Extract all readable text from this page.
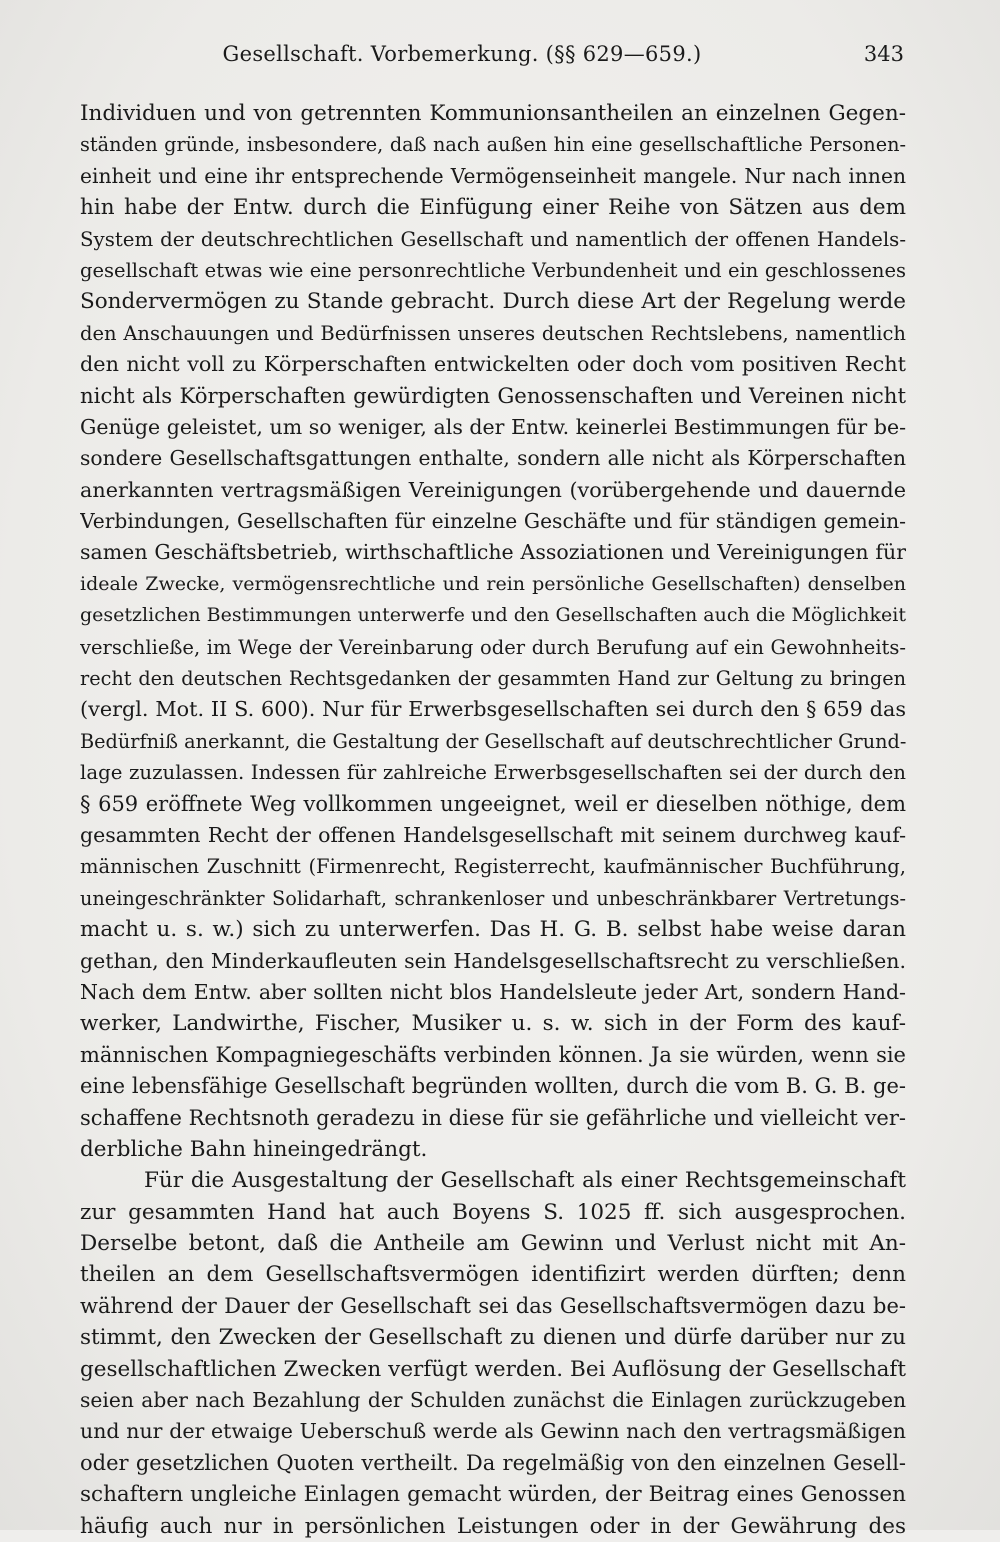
Gesellschaft. Vorbemerkung. (§§ 629—659.)	343
Individuen und von getrennten Kommunionsantheilen an einzelnen Gegen-
ständen gründe, insbesondere, daß nach außen hin eine gesellschaftliche Personen-
einheit und eine ihr entsprechende Vermögenseinheit mangele. Nur nach innen
hin habe der Entw. durch die Einfügung einer Reihe von Sätzen aus dem
System der deutschrechtlichen Gesellschaft und namentlich der offenen Handels-
gesellschaft etwas wie eine personrechtliche Verbundenheit und ein geschlossenes
Sondervermögen zu Stande gebracht. Durch diese Art der Regelung werde
den Anschauungen und Bedürfnissen unseres deutschen Rechtslebens, namentlich
den nicht voll zu Körperschaften entwickelten oder doch vom positiven Recht
nicht als Körperschaften gewürdigten Genossenschaften und Vereinen nicht
Genüge geleistet, um so weniger, als der Entw. keinerlei Bestimmungen für be-
sondere Gesellschaftsgattungen enthalte, sondern alle nicht als Körperschaften
anerkannten vertragsmäßigen Vereinigungen (vorübergehende und dauernde
Verbindungen, Gesellschaften für einzelne Geschäfte und für ständigen gemein-
samen Geschäftsbetrieb, wirthschaftliche Assoziationen und Vereinigungen für
ideale Zwecke, vermögensrechtliche und rein persönliche Gesellschaften) denselben
gesetzlichen Bestimmungen unterwerfe und den Gesellschaften auch die Möglichkeit
verschließe, im Wege der Vereinbarung oder durch Berufung auf ein Gewohnheits-
recht den deutschen Rechtsgedanken der gesammten Hand zur Geltung zu bringen
(vergl. Mot. II S. 600). Nur für Erwerbsgesellschaften sei durch den § 659 das
Bedürfniß anerkannt, die Gestaltung der Gesellschaft auf deutschrechtlicher Grund-
lage zuzulassen. Indessen für zahlreiche Erwerbsgesellschaften sei der durch den
§ 659 eröffnete Weg vollkommen ungeeignet, weil er dieselben nöthige, dem
gesammten Recht der offenen Handelsgesellschaft mit seinem durchweg kauf-
männischen Zuschnitt (Firmenrecht, Registerrecht, kaufmännischer Buchführung,
uneingeschränkter Solidarhaft, schrankenloser und unbeschränkbarer Vertretungs-
macht u. s. w.) sich zu unterwerfen. Das H. G. B. selbst habe weise daran
gethan, den Minderkaufleuten sein Handelsgesellschaftsrecht zu verschließen.
Nach dem Entw. aber sollten nicht blos Handelsleute jeder Art, sondern Hand-
werker, Landwirthe, Fischer, Musiker u. s. w. sich in der Form des kauf-
männischen Kompagniegeschäfts verbinden können. Ja sie würden, wenn sie
eine lebensfähige Gesellschaft begründen wollten, durch die vom B. G. B. ge-
schaffene Rechtsnoth geradezu in diese für sie gefährliche und vielleicht ver-
derbliche Bahn hineingedrängt.
Für die Ausgestaltung der Gesellschaft als einer Rechtsgemeinschaft
zur gesammten Hand hat auch Boyens S. 1025 ff. sich ausgesprochen.
Derselbe betont, daß die Antheile am Gewinn und Verlust nicht mit An-
theilen an dem Gesellschaftsvermögen identifizirt werden dürften; denn
während der Dauer der Gesellschaft sei das Gesellschaftsvermögen dazu be-
stimmt, den Zwecken der Gesellschaft zu dienen und dürfe darüber nur zu
gesellschaftlichen Zwecken verfügt werden. Bei Auflösung der Gesellschaft
seien aber nach Bezahlung der Schulden zunächst die Einlagen zurückzugeben
und nur der etwaige Ueberschuß werde als Gewinn nach den vertragsmäßigen
oder gesetzlichen Quoten vertheilt. Da regelmäßig von den einzelnen Gesell-
schaftern ungleiche Einlagen gemacht würden, der Beitrag eines Genossen
häufig auch nur in persönlichen Leistungen oder in der Gewährung des
